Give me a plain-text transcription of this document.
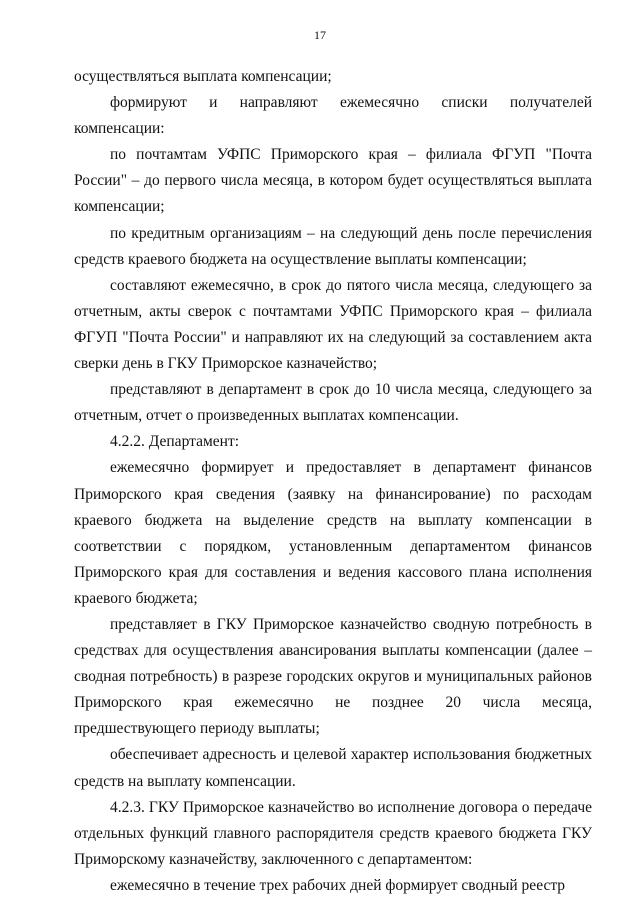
17

осуществляться выплата компенсации;

формируют и направляют ежемесячно списки получателей компенсации:

по почтамтам УФПС Приморского края – филиала ФГУП "Почта России" – до первого числа месяца, в котором будет осуществляться выплата компенсации;

по кредитным организациям – на следующий день после перечисления средств краевого бюджета на осуществление выплаты компенсации;

составляют ежемесячно, в срок до пятого числа месяца, следующего за отчетным, акты сверок с почтамтами УФПС Приморского края – филиала ФГУП "Почта России" и направляют их на следующий за составлением акта сверки день в ГКУ Приморское казначейство;

представляют в департамент в срок до 10 числа месяца, следующего за отчетным, отчет о произведенных выплатах компенсации.

4.2.2. Департамент:

ежемесячно формирует и предоставляет в департамент финансов Приморского края сведения (заявку на финансирование) по расходам краевого бюджета на выделение средств на выплату компенсации в соответствии с порядком, установленным департаментом финансов Приморского края для составления и ведения кассового плана исполнения краевого бюджета;

представляет в ГКУ Приморское казначейство сводную потребность в средствах для осуществления авансирования выплаты компенсации (далее – сводная потребность) в разрезе городских округов и муниципальных районов Приморского края ежемесячно не позднее 20 числа месяца, предшествующего периоду выплаты;

обеспечивает адресность и целевой характер использования бюджетных средств на выплату компенсации.

4.2.3. ГКУ Приморское казначейство во исполнение договора о передаче отдельных функций главного распорядителя средств краевого бюджета ГКУ Приморскому казначейству, заключенного с департаментом:

ежемесячно в течение трех рабочих дней формирует сводный реестр
